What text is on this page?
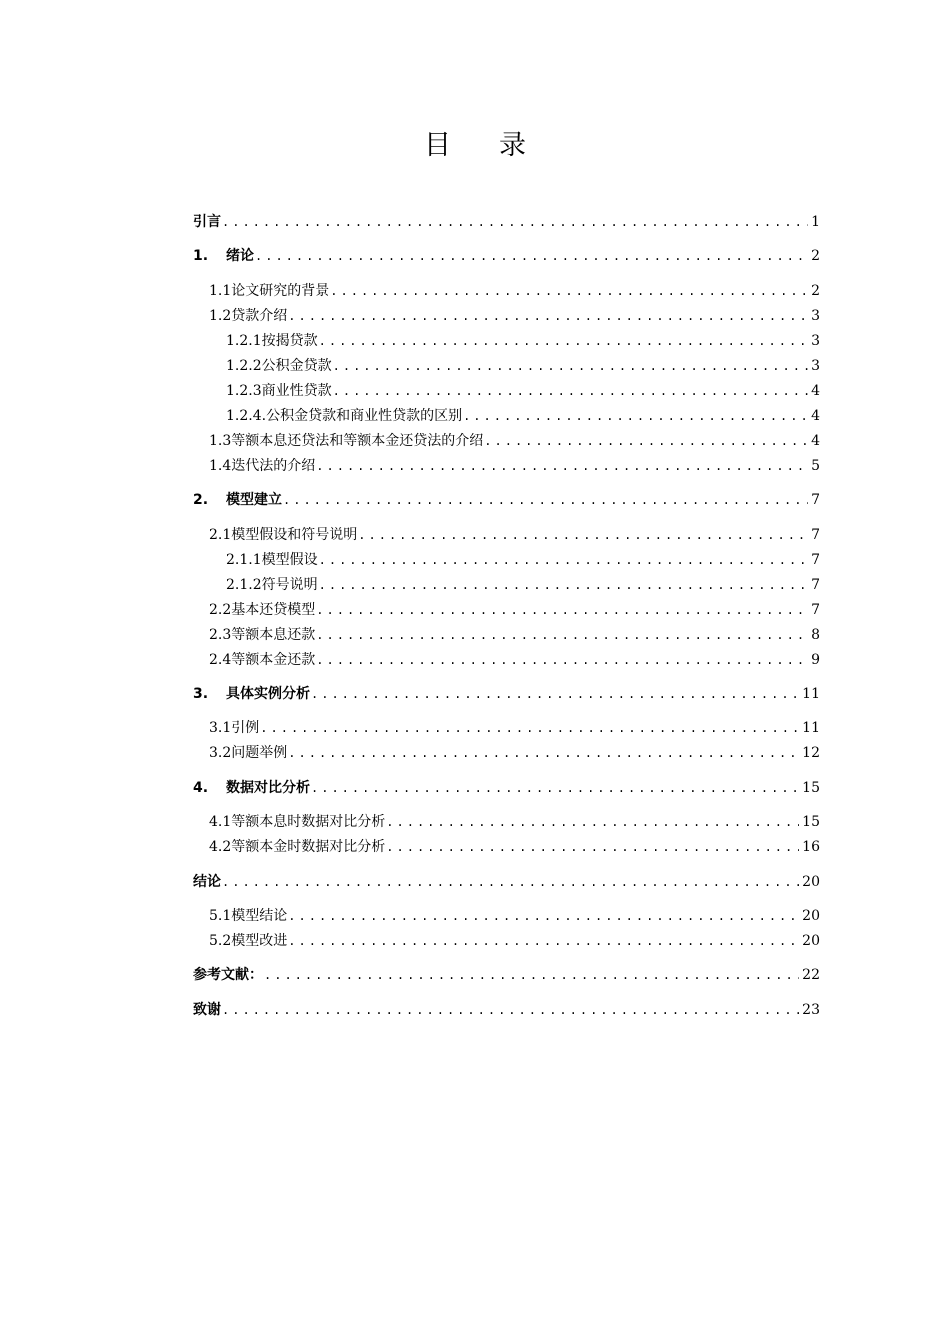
目录
引言 .....	1
1.	绪论 .....	2
1.1 论文研究的背景 .....	2
1.2 贷款介绍 .....	3
1.2.1 按揭贷款 .....	3
1.2.2 公积金贷款 .....	3
1.2.3 商业性贷款 .....	4
1.2.4. 公积金贷款和商业性贷款的区别 .....	4
1.3 等额本息还贷法和等额本金还贷法的介绍 .....	4
1.4 迭代法的介绍 .....	5
2.	模型建立 .....	7
2.1 模型假设和符号说明 .....	7
2.1.1 模型假设 .....	7
2.1.2 符号说明 .....	7
2.2 基本还贷模型 .....	7
2.3 等额本息还款 .....	8
2.4 等额本金还款 .....	9
3.	具体实例分析 .....	11
3.1 引例 .....	11
3.2 问题举例 .....	12
4.	数据对比分析 .....	15
4.1 等额本息时数据对比分析 .....	15
4.2 等额本金时数据对比分析 .....	16
结论 .....	20
5.1 模型结论 .....	20
5.2 模型改进 .....	20
参考文献： .....	22
致谢 .....	23
